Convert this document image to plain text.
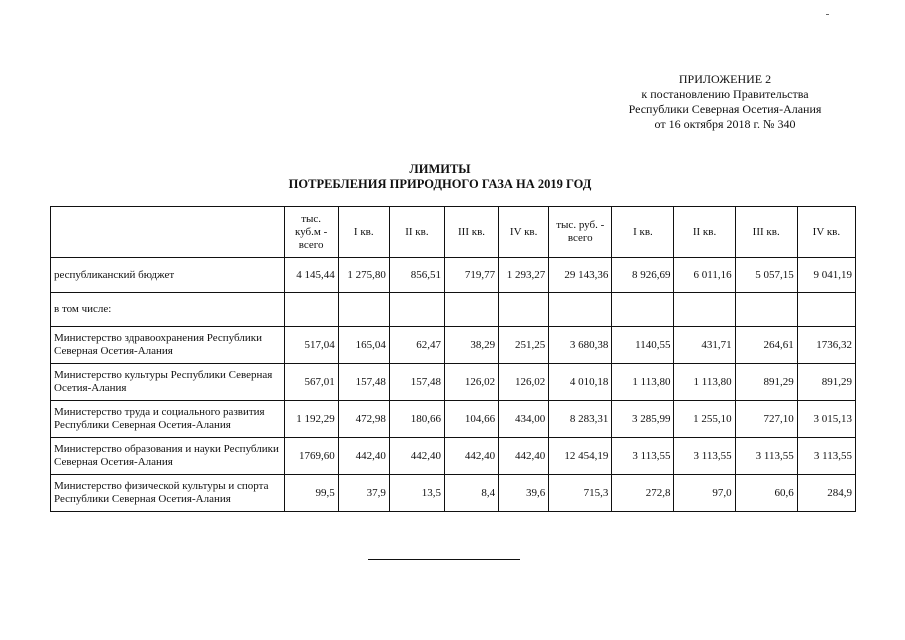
ПРИЛОЖЕНИЕ 2
к постановлению Правительства
Республики Северная Осетия-Алания
от 16 октября 2018 г. № 340
ЛИМИТЫ
ПОТРЕБЛЕНИЯ ПРИРОДНОГО ГАЗА НА 2019 ГОД
	тыс. куб.м - всего	I кв.	II кв.	III кв.	IV кв.	тыс. руб. - всего	I кв.	II кв.	III кв.	IV кв.
республиканский бюджет	4 145,44	1 275,80	856,51	719,77	1 293,27	29 143,36	8 926,69	6 011,16	5 057,15	9 041,19
в том числе:										
Министерство здравоохранения Республики Северная Осетия-Алания	517,04	165,04	62,47	38,29	251,25	3 680,38	1140,55	431,71	264,61	1736,32
Министерство культуры Республики Северная Осетия-Алания	567,01	157,48	157,48	126,02	126,02	4 010,18	1 113,80	1 113,80	891,29	891,29
Министерство труда и социального развития Республики Северная Осетия-Алания	1 192,29	472,98	180,66	104,66	434,00	8 283,31	3 285,99	1 255,10	727,10	3 015,13
Министерство образования и науки Республики Северная Осетия-Алания	1769,60	442,40	442,40	442,40	442,40	12 454,19	3 113,55	3 113,55	3 113,55	3 113,55
Министерство физической культуры и спорта Республики Северная Осетия-Алания	99,5	37,9	13,5	8,4	39,6	715,3	272,8	97,0	60,6	284,9
